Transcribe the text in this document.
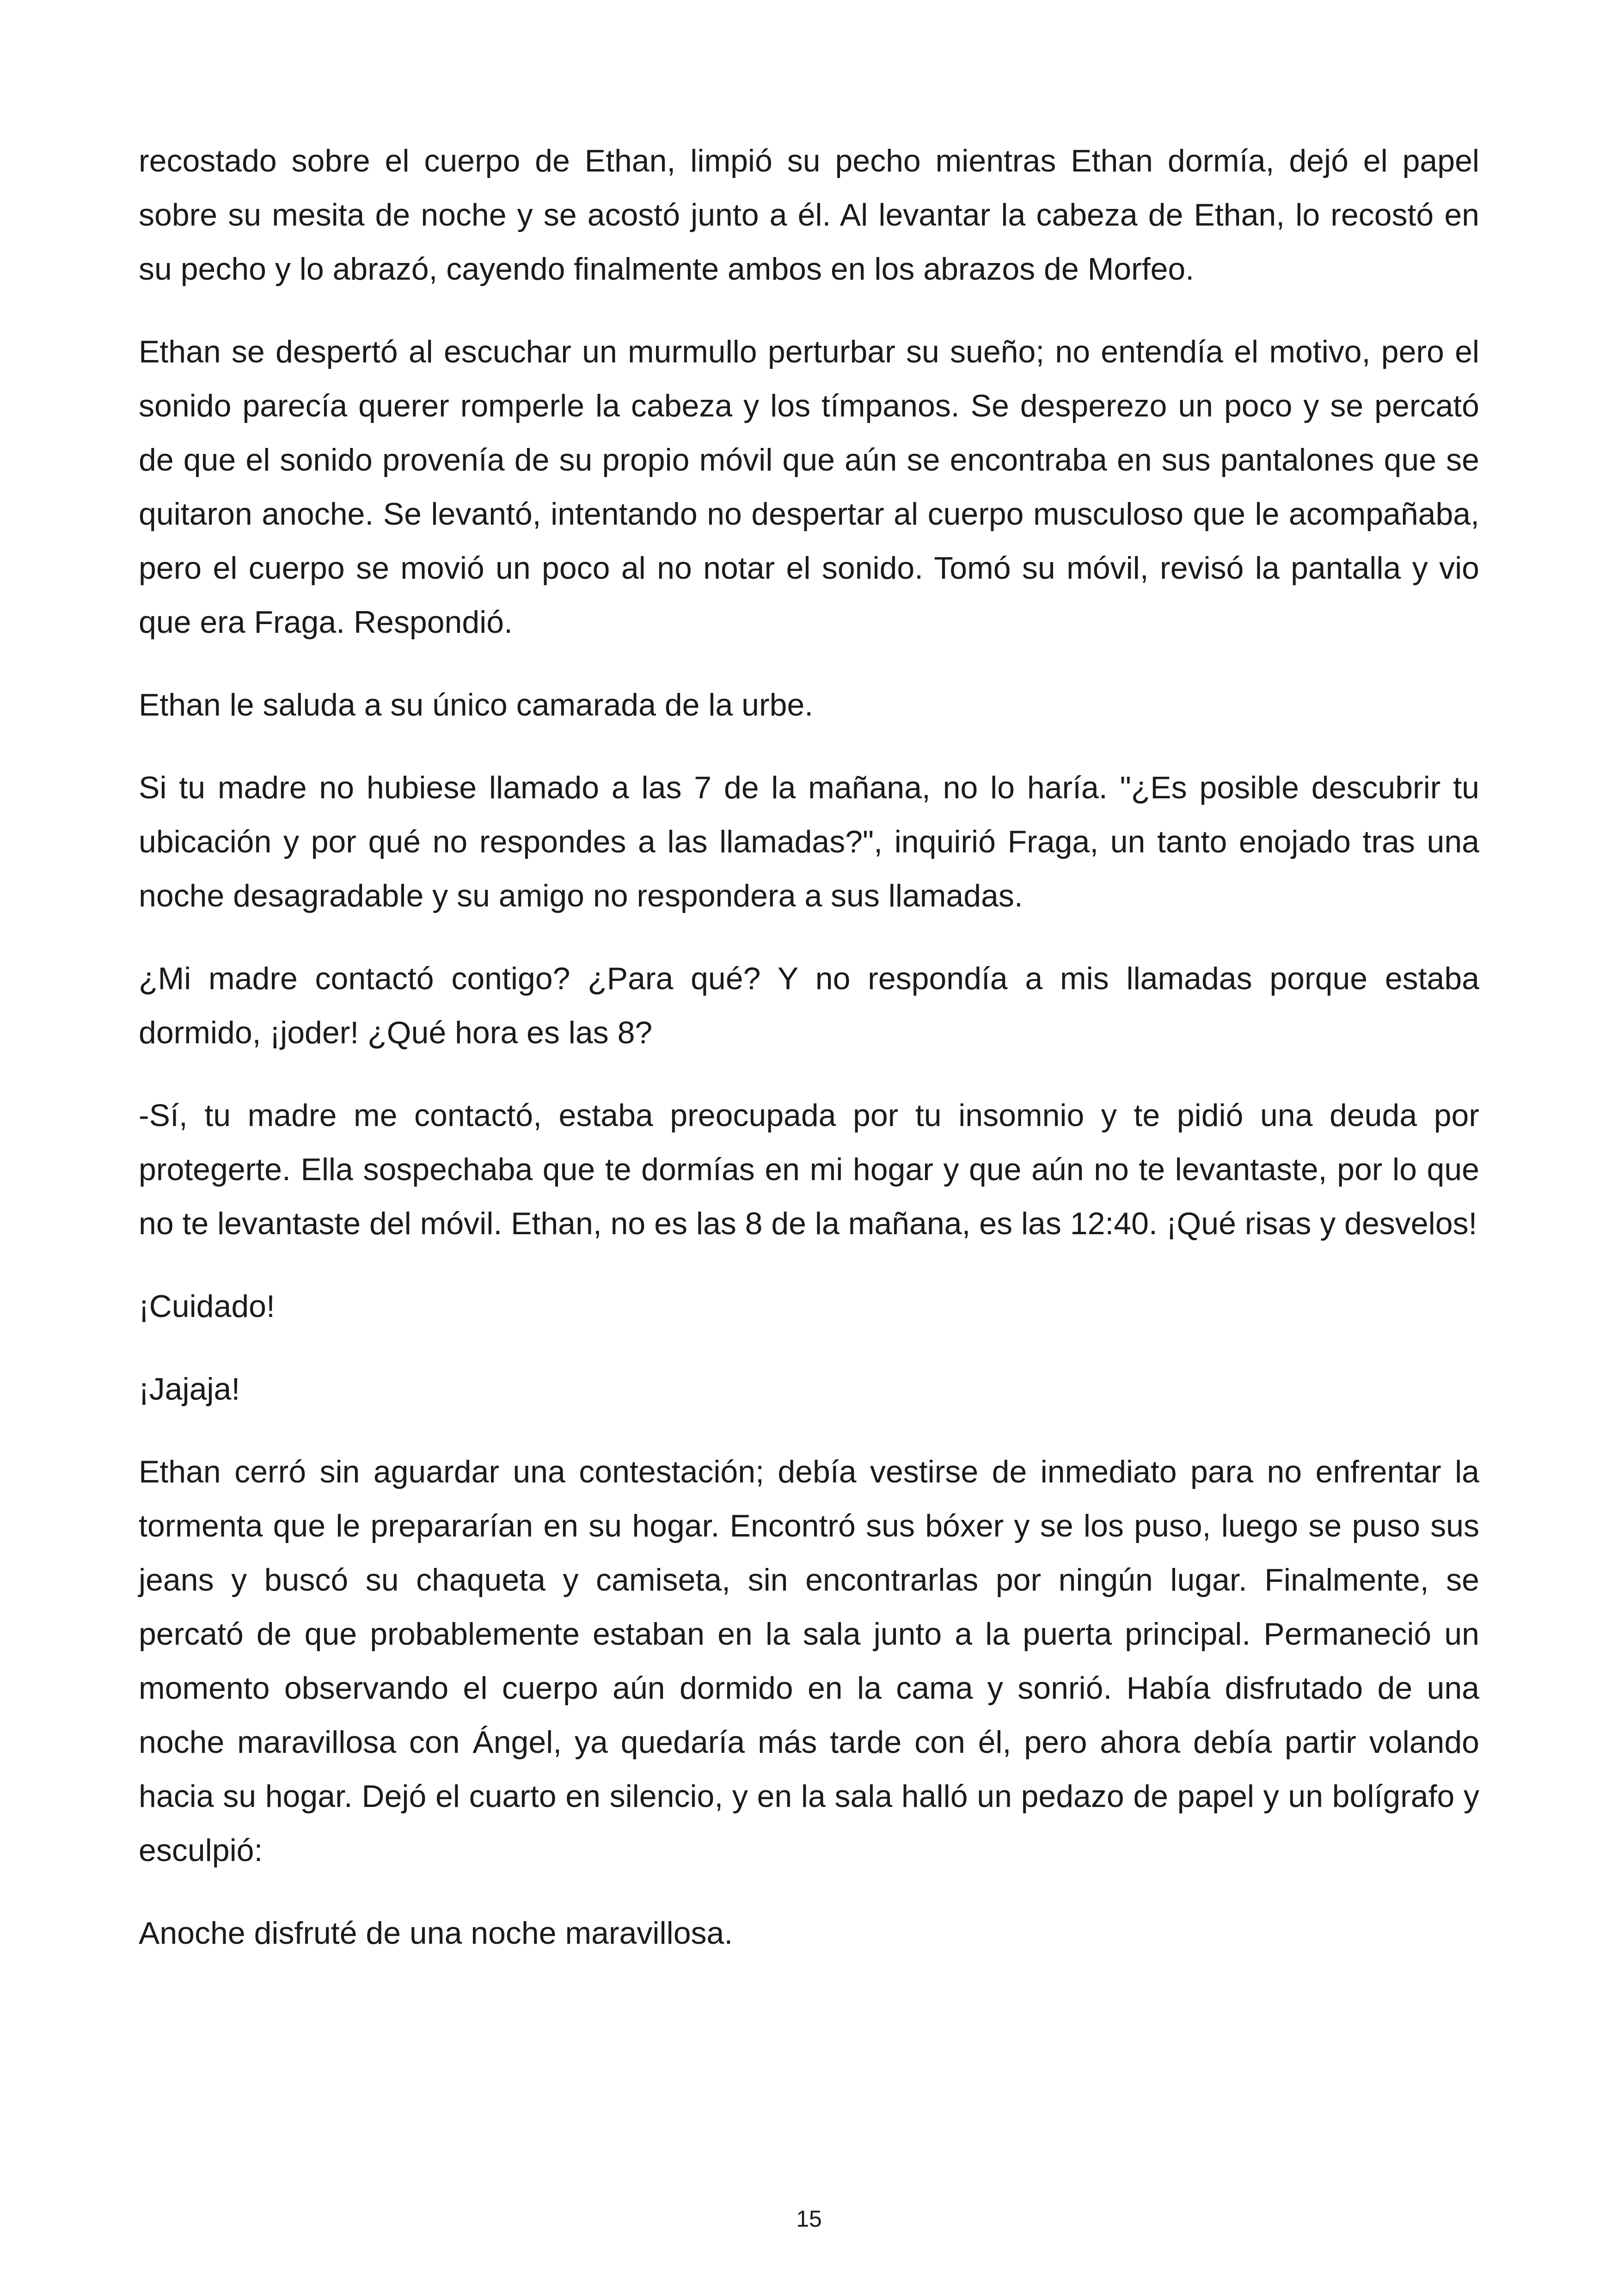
recostado sobre el cuerpo de Ethan, limpió su pecho mientras Ethan dormía, dejó el papel sobre su mesita de noche y se acostó junto a él. Al levantar la cabeza de Ethan, lo recostó en su pecho y lo abrazó, cayendo finalmente ambos en los abrazos de Morfeo.

Ethan se despertó al escuchar un murmullo perturbar su sueño; no entendía el motivo, pero el sonido parecía querer romperle la cabeza y los tímpanos. Se desperezo un poco y se percató de que el sonido provenía de su propio móvil que aún se encontraba en sus pantalones que se quitaron anoche. Se levantó, intentando no despertar al cuerpo musculoso que le acompañaba, pero el cuerpo se movió un poco al no notar el sonido. Tomó su móvil, revisó la pantalla y vio que era Fraga. Respondió.

Ethan le saluda a su único camarada de la urbe.

Si tu madre no hubiese llamado a las 7 de la mañana, no lo haría. "¿Es posible descubrir tu ubicación y por qué no respondes a las llamadas?", inquirió Fraga, un tanto enojado tras una noche desagradable y su amigo no respondera a sus llamadas.

¿Mi madre contactó contigo? ¿Para qué? Y no respondía a mis llamadas porque estaba dormido, ¡joder! ¿Qué hora es las 8?

-Sí, tu madre me contactó, estaba preocupada por tu insomnio y te pidió una deuda por protegerte. Ella sospechaba que te dormías en mi hogar y que aún no te levantaste, por lo que no te levantaste del móvil. Ethan, no es las 8 de la mañana, es las 12:40. ¡Qué risas y desvelos!

¡Cuidado!

¡Jajaja!

Ethan cerró sin aguardar una contestación; debía vestirse de inmediato para no enfrentar la tormenta que le prepararían en su hogar. Encontró sus bóxer y se los puso, luego se puso sus jeans y buscó su chaqueta y camiseta, sin encontrarlas por ningún lugar. Finalmente, se percató de que probablemente estaban en la sala junto a la puerta principal. Permaneció un momento observando el cuerpo aún dormido en la cama y sonrió. Había disfrutado de una noche maravillosa con Ángel, ya quedaría más tarde con él, pero ahora debía partir volando hacia su hogar. Dejó el cuarto en silencio, y en la sala halló un pedazo de papel y un bolígrafo y esculpió:

Anoche disfruté de una noche maravillosa.

15
